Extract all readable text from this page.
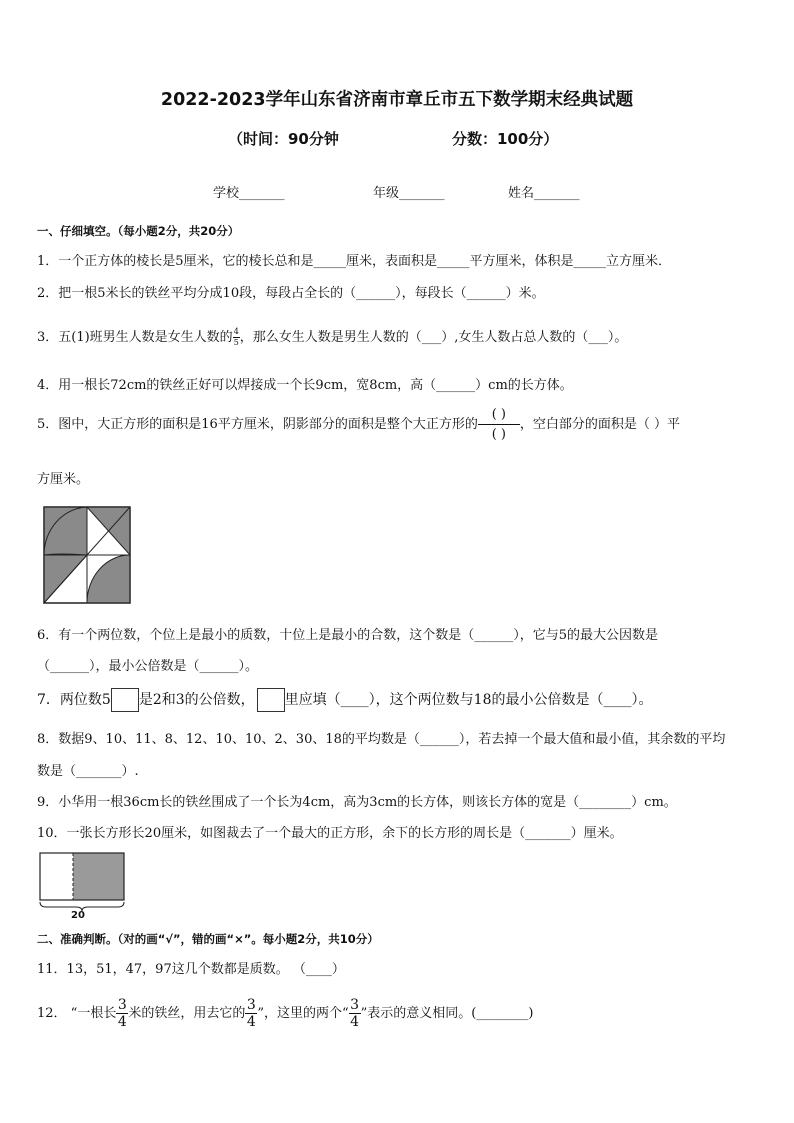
2022-2023学年山东省济南市章丘市五下数学期末经典试题
（时间：90分钟	分数：100分）
学校_______	年级_______	姓名_______
一、仔细填空。（每小题2分，共20分）
1．一个正方体的棱长是5厘米，它的棱长总和是_____厘米，表面积是_____平方厘米，体积是_____立方厘米．
2．把一根5米长的铁丝平均分成10段，每段占全长的（______），每段长（______）米。
3．五(1)班男生人数是女生人数的 $\frac{4}{5}$ ，那么女生人数是男生人数的（___）,女生人数占总人数的（___）。
4．用一根长72cm的铁丝正好可以焊接成一个长9cm，宽8cm，高（______）cm的长方体。
5．图中，大正方形的面积是16平方厘米，阴影部分的面积是整个大正方形的 $\frac{( )}{( )}$ ，空白部分的面积是（ ）平
方厘米。
6．有一个两位数，个位上是最小的质数，十位上是最小的合数，这个数是（______），它与5的最大公因数是
（______），最小公倍数是（______）。
7．两位数5 是2和3的公倍数， 里应填（____），这个两位数与18的最小公倍数是（____）。
8．数据9、10、11、8、12、10、10、2、30、18的平均数是（______），若去掉一个最大值和最小值，其余数的平均
数是（_______）.
9．小华用一根36cm长的铁丝围成了一个长为4cm，高为3cm的长方体，则该长方体的宽是（________）cm。
10．一张长方形长20厘米，如图裁去了一个最大的正方形，余下的长方形的周长是（_______）厘米。
20
二、准确判断。（对的画“√”，错的画“×”。每小题2分，共10分）
11．13，51，47，97这几个数都是质数。 （____）
12． “一根长 $\frac{3}{4}$ 米的铁丝，用去它的 $\frac{3}{4}$ ”，这里的两个“ $\frac{3}{4}$ ”表示的意义相同。(________)
